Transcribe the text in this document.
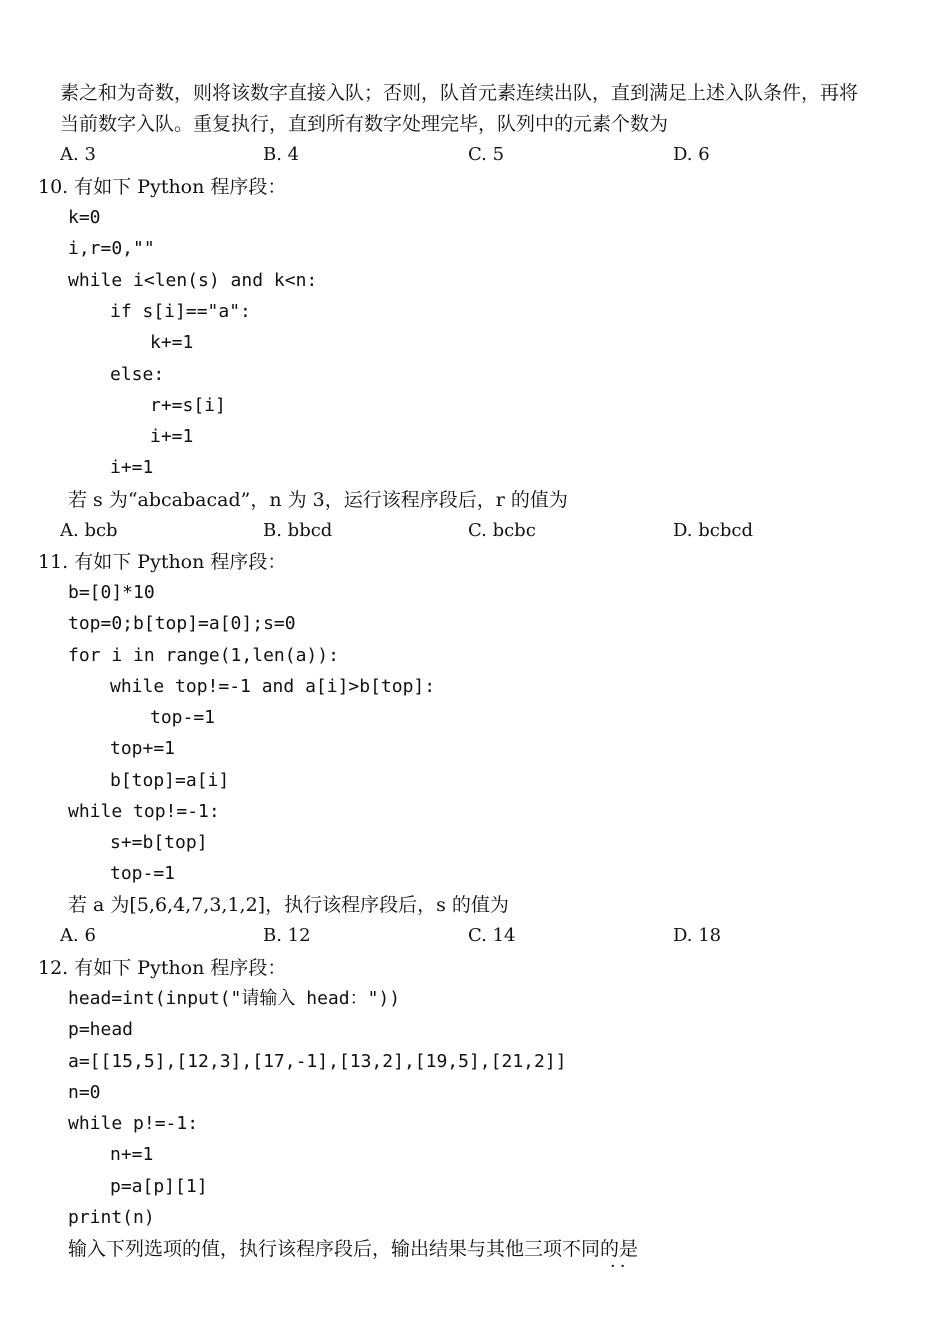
素之和为奇数，则将该数字直接入队；否则，队首元素连续出队，直到满足上述入队条件，再将
当前数字入队。重复执行，直到所有数字处理完毕，队列中的元素个数为
A. 3	B. 4	C. 5	D. 6
10. 有如下 Python 程序段：
k=0
i,r=0,""
while i<len(s) and k<n:
if s[i]=="a":
k+=1
else:
r+=s[i]
i+=1
i+=1
若 s 为“abcabacad”，n 为 3，运行该程序段后，r 的值为
A. bcb	B. bbcd	C. bcbc	D. bcbcd
11. 有如下 Python 程序段：
b=[0]*10
top=0;b[top]=a[0];s=0
for i in range(1,len(a)):
while top!=-1 and a[i]>b[top]:
top-=1
top+=1
b[top]=a[i]
while top!=-1:
s+=b[top]
top-=1
若 a 为[5,6,4,7,3,1,2]，执行该程序段后，s 的值为
A. 6	B. 12	C. 14	D. 18
12. 有如下 Python 程序段：
head=int(input("请输入 head："))
p=head
a=[[15,5],[12,3],[17,-1],[13,2],[19,5],[21,2]]
n=0
while p!=-1:
n+=1
p=a[p][1]
print(n)
输入下列选项的值，执行该程序段后，输出结果与其他三项不同的是
··
